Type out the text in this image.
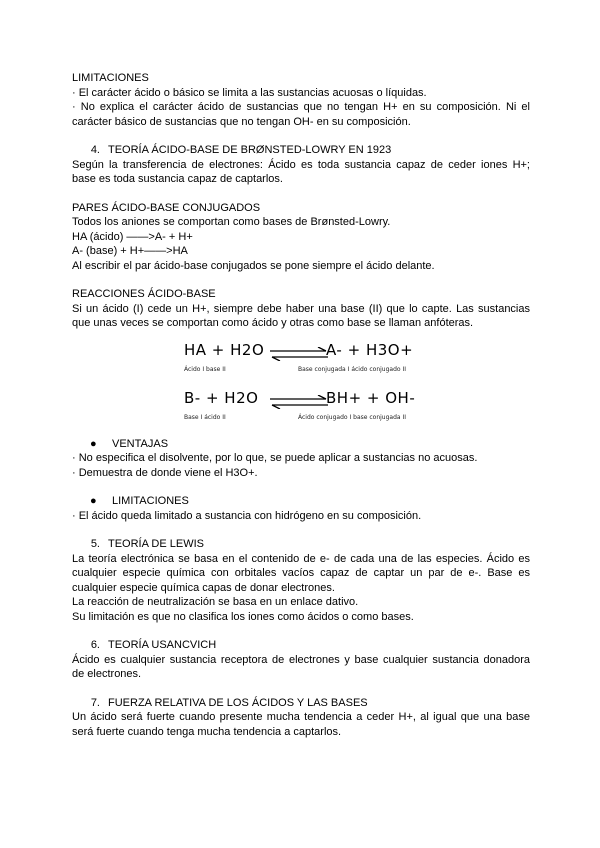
LIMITACIONES

· El carácter ácido o básico se limita a las sustancias acuosas o líquidas.

· No explica el carácter ácido de sustancias que no tengan H+ en su composición. Ni el

carácter básico de sustancias que no tengan OH- en su composición.

4. TEORÍA ÁCIDO-BASE DE BRØNSTED-LOWRY EN 1923

Según la transferencia de electrones: Ácido es toda sustancia capaz de ceder iones H+;

base es toda sustancia capaz de captarlos.

PARES ÁCIDO-BASE CONJUGADOS

Todos los aniones se comportan como bases de Brønsted-Lowry.

HA (ácido) ——>A- + H+

A- (base) + H+——>HA

Al escribir el par ácido-base conjugados se pone siempre el ácido delante.

REACCIONES ÁCIDO-BASE

Si un ácido (I) cede un H+, siempre debe haber una base (II) que lo capte. Las sustancias

que unas veces se comportan como ácido y otras como base se llaman anfóteras.

HA + H2O	A- + H3O+
Ácido I base II	Base conjugada I ácido conjugado II
B- + H2O	BH+ + OH-
Base I ácido II	Ácido conjugado I base conjugada II

● VENTAJAS

· No especifica el disolvente, por lo que, se puede aplicar a sustancias no acuosas.

· Demuestra de donde viene el H3O+.

● LIMITACIONES

· El ácido queda limitado a sustancia con hidrógeno en su composición.

5. TEORÍA DE LEWIS

La teoría electrónica se basa en el contenido de e- de cada una de las especies. Ácido es

cualquier especie química con orbitales vacíos capaz de captar un par de e-. Base es

cualquier especie química capas de donar electrones.

La reacción de neutralización se basa en un enlace dativo.

Su limitación es que no clasifica los iones como ácidos o como bases.

6. TEORÍA USANCVICH

Ácido es cualquier sustancia receptora de electrones y base cualquier sustancia donadora

de electrones.

7. FUERZA RELATIVA DE LOS ÁCIDOS Y LAS BASES

Un ácido será fuerte cuando presente mucha tendencia a ceder H+, al igual que una base

será fuerte cuando tenga mucha tendencia a captarlos.
